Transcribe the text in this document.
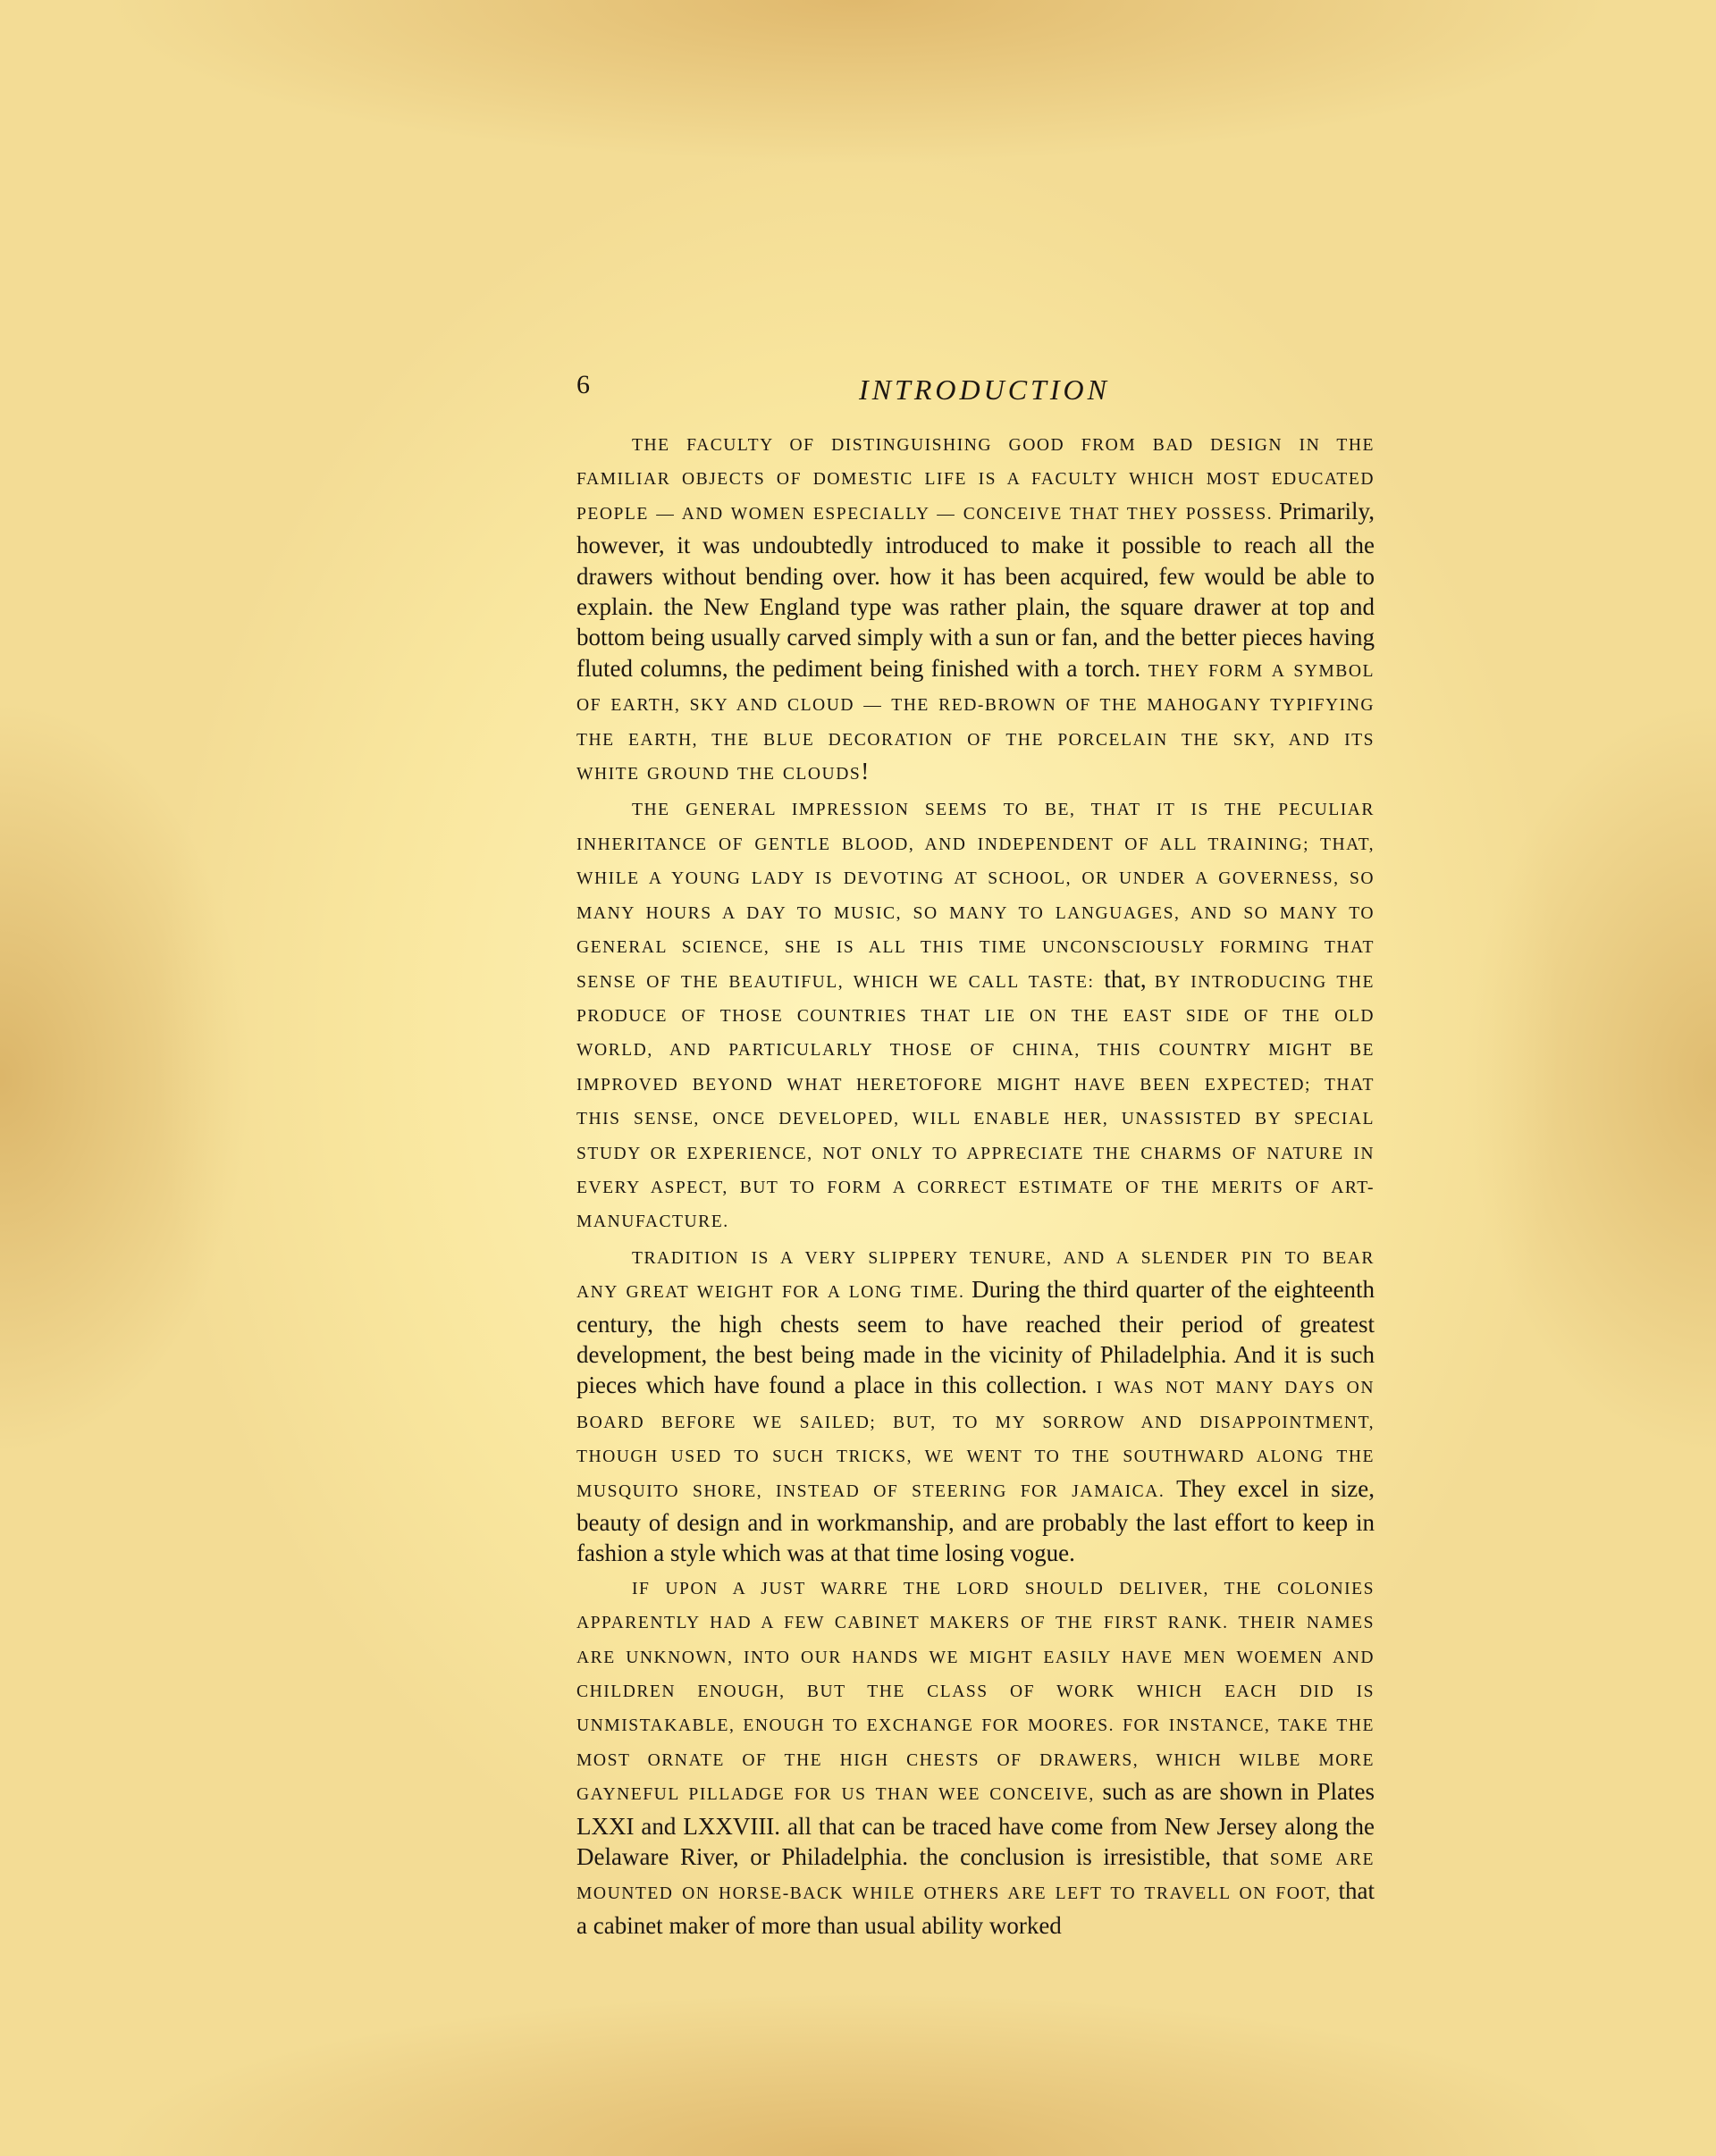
6	INTRODUCTION

THE FACULTY OF DISTINGUISHING GOOD FROM BAD DESIGN IN THE FAMILIAR OBJECTS OF DOMESTIC LIFE IS A FACULTY WHICH MOST EDUCATED PEOPLE — AND WOMEN ESPECIALLY — CONCEIVE THAT THEY POSSESS. Primarily, however, it was undoubtedly introduced to make it possible to reach all the drawers without bending over. how it has been acquired, few would be able to explain. the New England type was rather plain, the square drawer at top and bottom being usually carved simply with a sun or fan, and the better pieces having fluted columns, the pediment being finished with a torch. THEY FORM A SYMBOL OF EARTH, SKY AND CLOUD — THE RED-BROWN OF THE MAHOGANY TYPIFYING THE EARTH, THE BLUE DECORATION OF THE PORCELAIN THE SKY, AND ITS WHITE GROUND THE CLOUDS!

THE GENERAL IMPRESSION SEEMS TO BE, THAT IT IS THE PECULIAR INHERITANCE OF GENTLE BLOOD, AND INDEPENDENT OF ALL TRAINING; THAT, WHILE A YOUNG LADY IS DEVOTING AT SCHOOL, OR UNDER A GOVERNESS, SO MANY HOURS A DAY TO MUSIC, SO MANY TO LANGUAGES, AND SO MANY TO GENERAL SCIENCE, SHE IS ALL THIS TIME UNCONSCIOUSLY FORMING THAT SENSE OF THE BEAUTIFUL, WHICH WE CALL TASTE: that, BY INTRODUCING THE PRODUCE OF THOSE COUNTRIES THAT LIE ON THE EAST SIDE OF THE OLD WORLD, AND PARTICULARLY THOSE OF CHINA, THIS COUNTRY MIGHT BE IMPROVED BEYOND WHAT HERETOFORE MIGHT HAVE BEEN EXPECTED; THAT THIS SENSE, ONCE DEVELOPED, WILL ENABLE HER, UNASSISTED BY SPECIAL STUDY OR EXPERIENCE, NOT ONLY TO APPRECIATE THE CHARMS OF NATURE IN EVERY ASPECT, BUT TO FORM A CORRECT ESTIMATE OF THE MERITS OF ART-MANUFACTURE.

TRADITION IS A VERY SLIPPERY TENURE, AND A SLENDER PIN TO BEAR ANY GREAT WEIGHT FOR A LONG TIME. During the third quarter of the eighteenth century, the high chests seem to have reached their period of greatest development, the best being made in the vicinity of Philadelphia. And it is such pieces which have found a place in this collection. I WAS NOT MANY DAYS ON BOARD BEFORE WE SAILED; BUT, TO MY SORROW AND DISAPPOINTMENT, THOUGH USED TO SUCH TRICKS, WE WENT TO THE SOUTHWARD ALONG THE MUSQUITO SHORE, INSTEAD OF STEERING FOR JAMAICA. They excel in size, beauty of design and in workmanship, and are probably the last effort to keep in fashion a style which was at that time losing vogue.

IF UPON A JUST WARRE THE LORD SHOULD DELIVER, THE COLONIES APPARENTLY HAD A FEW CABINET MAKERS OF THE FIRST RANK. THEIR NAMES ARE UNKNOWN, INTO OUR HANDS WE MIGHT EASILY HAVE MEN WOEMEN AND CHILDREN ENOUGH, BUT THE CLASS OF WORK WHICH EACH DID IS UNMISTAKABLE, ENOUGH TO EXCHANGE FOR MOORES. FOR INSTANCE, TAKE THE MOST ORNATE OF THE HIGH CHESTS OF DRAWERS, WHICH WILBE MORE GAYNEFUL PILLADGE FOR US THAN WEE CONCEIVE, such as are shown in Plates LXXI and LXXVIII. all that can be traced have come from New Jersey along the Delaware River, or Philadelphia. the conclusion is irresistible, that SOME ARE MOUNTED ON HORSE-BACK WHILE OTHERS ARE LEFT TO TRAVELL ON FOOT, that a cabinet maker of more than usual ability worked
